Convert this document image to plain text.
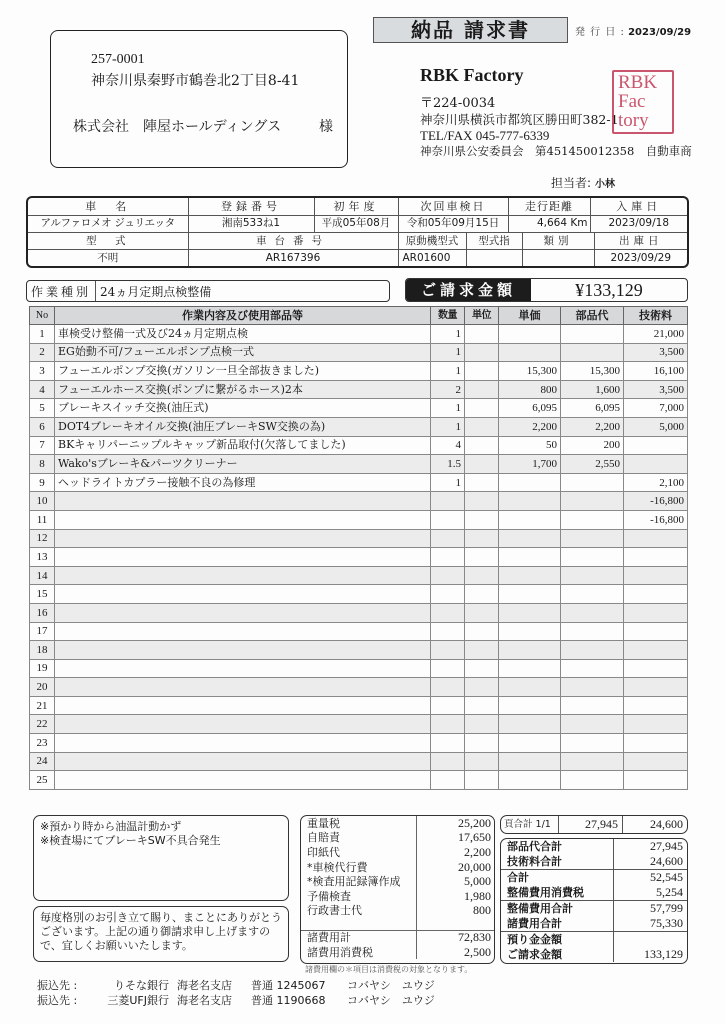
257-0001
神奈川県秦野市鶴巻北2丁目8-41
株式会社　陣屋ホールディングス	様
納品 請求書	発 行 日 : 2023/09/29
RBK Factory
〒224-0034
神奈川県横浜市都筑区勝田町382-1
TEL/FAX 045-777-6339
神奈川県公安委員会　第451450012358　自動車商
RBK
Fac
tory
担当者: 小林
車　名	登録番号	初年度	次回車検日	走行距離	入庫日
アルファロメオ ジュリエッタ	湘南533ね1	平成05年08月	令和05年09月15日	4,664 Km	2023/09/18
型　式	車台番号	原動機型式	型式指	類別	出庫日
不明	AR167396	AR01600			2023/09/29
作業種別 24ヵ月定期点検整備	ご請求金額	¥133,129
No	作業内容及び使用部品等	数量	単位	単価	部品代	技術料
1	車検受け整備一式及び24ヵ月定期点検	1				21,000
2	EG始動不可/フューエルポンプ点検一式	1				3,500
3	フューエルポンプ交換(ガソリン一旦全部抜きました)	1		15,300	15,300	16,100
4	フューエルホース交換(ポンプに繋がるホース)2本	2		800	1,600	3,500
5	ブレーキスイッチ交換(油圧式)	1		6,095	6,095	7,000
6	DOT4ブレーキオイル交換(油圧ブレーキSW交換の為)	1		2,200	2,200	5,000
7	BKキャリパーニップルキャップ新品取付(欠落してました)	4		50	200	
8	Wako'sブレーキ&パーツクリーナー	1.5		1,700	2,550	
9	ヘッドライトカプラー接触不良の為修理	1				2,100
10						-16,800
11						-16,800
12						
13						
14						
15						
16						
17						
18						
19						
20						
21						
22						
23						
24						
25						
※預かり時から油温計動かず
※検査場にてブレーキSW不具合発生
毎度格別のお引き立て賜り、まことにありがとうございます。上記の通り御請求申し上げますので、宜しくお願いいたします。
重量税	25,200
自賠責	17,650
印紙代	2,200
*車検代行費	20,000
*検査用記録簿作成	5,000
予備検査	1,980
行政書士代	800

諸費用計	72,830
諸費用消費税	2,500
諸費用欄の＊項目は消費税の対象となります。
頁合計 1/1	27,945	24,600
部品代合計	27,945
技術料合計	24,600
合計	52,545
整備費用消費税	5,254
整備費用合計	57,799
諸費用合計	75,330
預り金金額	
ご請求金額	133,129
振込先 :	りそな銀行 海老名支店 普通 1245067 コバヤシ　ユウジ
振込先 :	三菱UFJ銀行 海老名支店 普通 1190668 コバヤシ　ユウジ
